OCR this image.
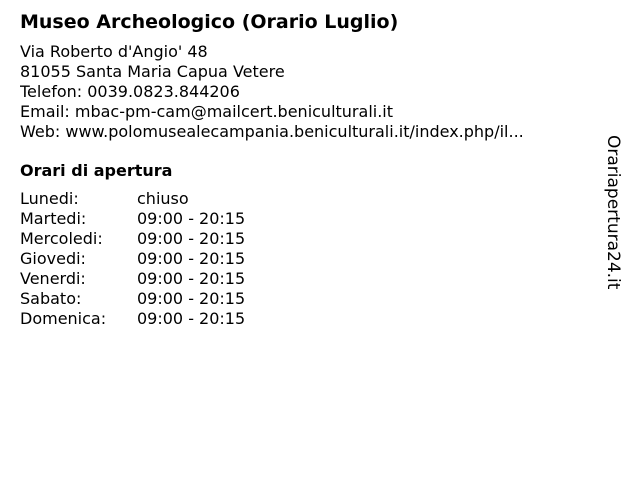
Museo Archeologico (Orario Luglio)
Via Roberto d'Angio' 48
81055 Santa Maria Capua Vetere
Telefon: 0039.0823.844206
Email: mbac-pm-cam@mailcert.beniculturali.it
Web: www.polomusealecampania.beniculturali.it/index.php/il...
Orari di apertura
Lunedi:	chiuso
Martedi:	09:00 - 20:15
Mercoledi:	09:00 - 20:15
Giovedi:	09:00 - 20:15
Venerdi:	09:00 - 20:15
Sabato:	09:00 - 20:15
Domenica:	09:00 - 20:15
Orariapertura24.it
